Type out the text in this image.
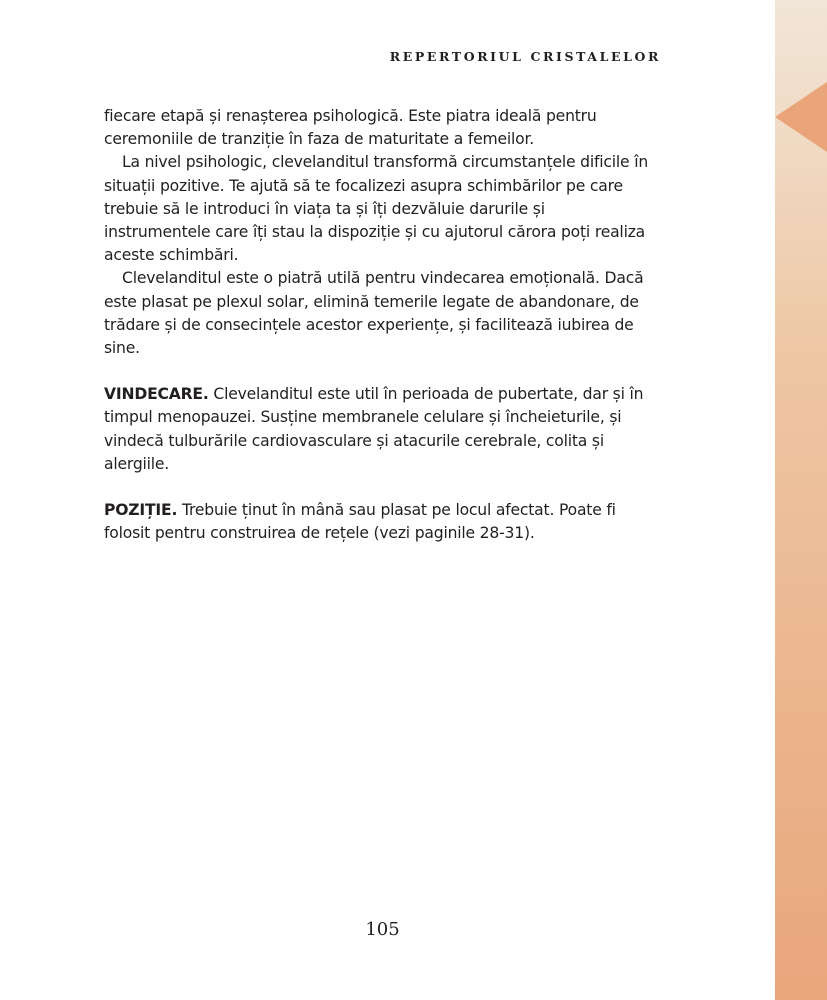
REPERTORIUL CRISTALELOR

fiecare etapă și renașterea psihologică. Este piatra ideală pentru ceremoniile de tranziție în faza de maturitate a femeilor.

La nivel psihologic, clevelanditul transformă circumstanțele dificile în situații pozitive. Te ajută să te focalizezi asupra schimbărilor pe care trebuie să le introduci în viața ta și îți dezvăluie darurile și instrumentele care îți stau la dispoziție și cu ajutorul cărora poți realiza aceste schimbări.

Clevelanditul este o piatră utilă pentru vindecarea emoțională. Dacă este plasat pe plexul solar, elimină temerile legate de abandonare, de trădare și de consecințele acestor experiențe, și facilitează iubirea de sine.

VINDECARE. Clevelanditul este util în perioada de pubertate, dar și în timpul menopauzei. Susține membranele celulare și încheieturile, și vindecă tulburările cardiovasculare și atacurile cerebrale, colita și alergiile.

POZIȚIE. Trebuie ținut în mână sau plasat pe locul afectat. Poate fi folosit pentru construirea de rețele (vezi paginile 28-31).

105
